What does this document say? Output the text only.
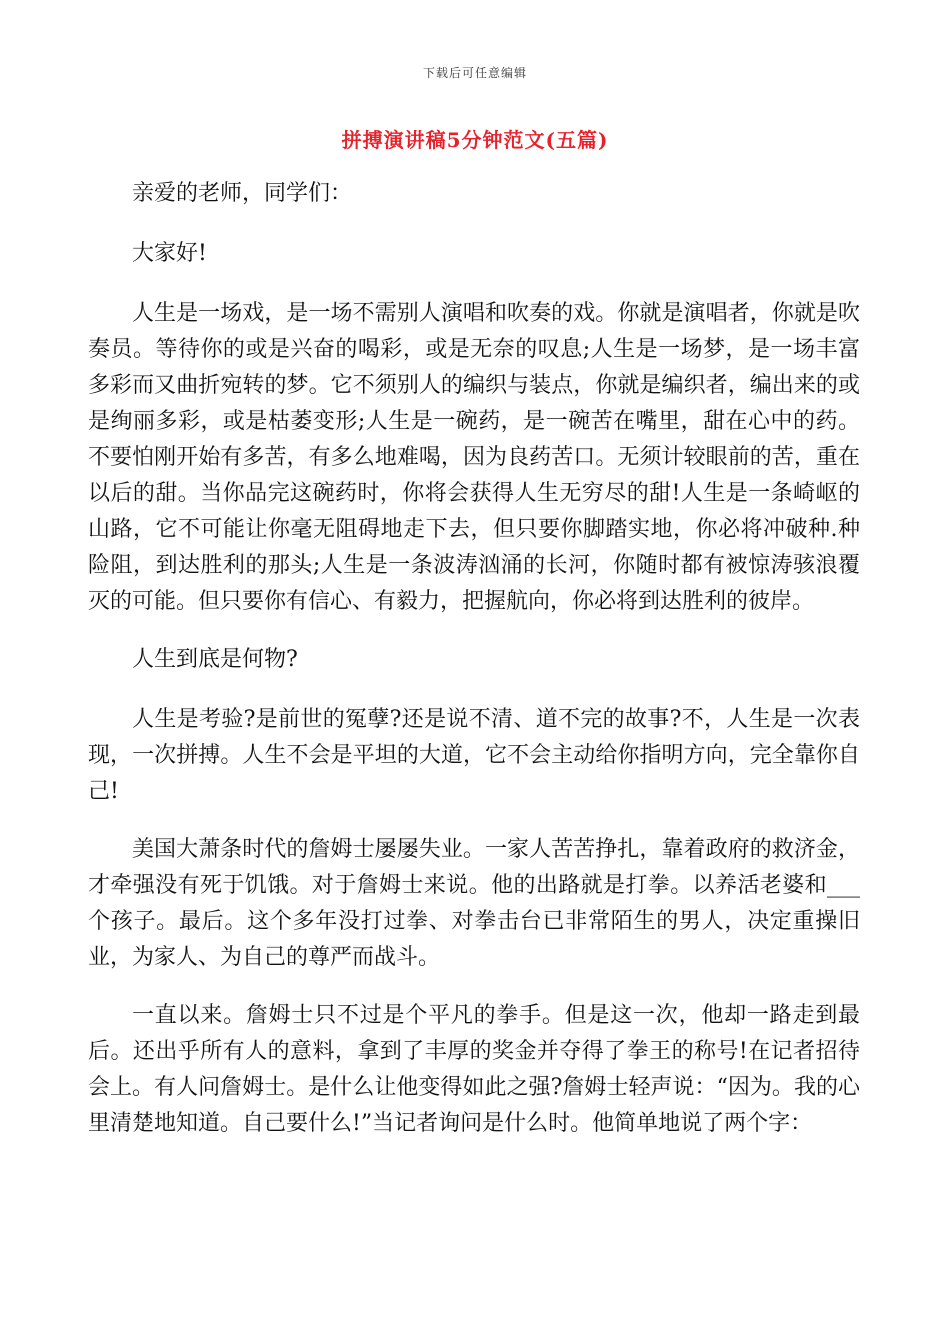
下载后可任意编辑
拼搏演讲稿5分钟范文(五篇)

亲爱的老师，同学们：

大家好!

人生是一场戏，是一场不需别人演唱和吹奏的戏。你就是演唱者，你就是吹奏员。等待你的或是兴奋的喝彩，或是无奈的叹息;人生是一场梦，是一场丰富多彩而又曲折宛转的梦。它不须别人的编织与装点，你就是编织者，编出来的或是绚丽多彩，或是枯萎变形;人生是一碗药，是一碗苦在嘴里，甜在心中的药。不要怕刚开始有多苦，有多么地难喝，因为良药苦口。无须计较眼前的苦，重在以后的甜。当你品完这碗药时，你将会获得人生无穷尽的甜!人生是一条崎岖的山路，它不可能让你毫无阻碍地走下去，但只要你脚踏实地，你必将冲破种.种险阻，到达胜利的那头;人生是一条波涛汹涌的长河，你随时都有被惊涛骇浪覆灭的可能。但只要你有信心、有毅力，把握航向，你必将到达胜利的彼岸。

人生到底是何物?

人生是考验?是前世的冤孽?还是说不清、道不完的故事?不，人生是一次表现，一次拼搏。人生不会是平坦的大道，它不会主动给你指明方向，完全靠你自己!

美国大萧条时代的詹姆士屡屡失业。一家人苦苦挣扎，靠着政府的救济金，才牵强没有死于饥饿。对于詹姆士来说。他的出路就是打拳。以养活老婆和___个孩子。最后。这个多年没打过拳、对拳击台已非常陌生的男人，决定重操旧业，为家人、为自己的尊严而战斗。

一直以来。詹姆士只不过是个平凡的拳手。但是这一次，他却一路走到最后。还出乎所有人的意料，拿到了丰厚的奖金并夺得了拳王的称号!在记者招待会上。有人问詹姆士。是什么让他变得如此之强?詹姆士轻声说：“因为。我的心里清楚地知道。自己要什么!”当记者询问是什么时。他简单地说了两个字：
